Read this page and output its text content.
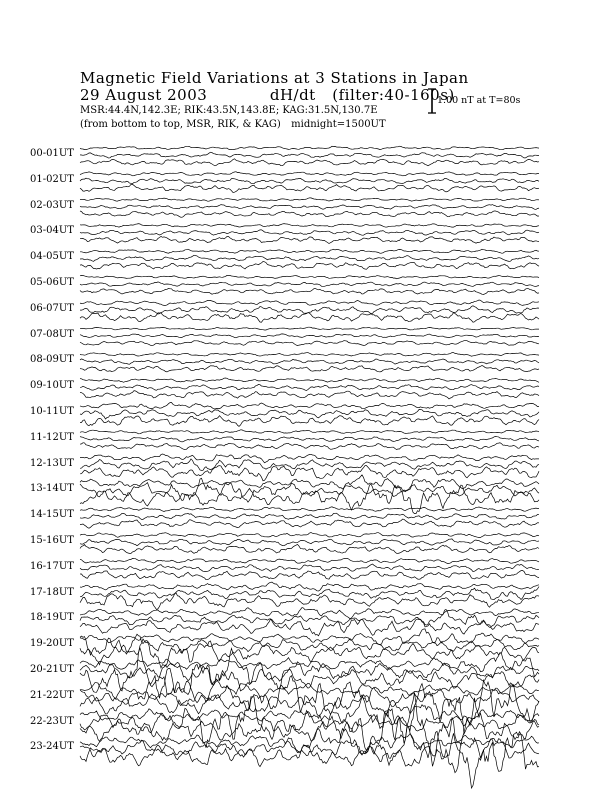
Magnetic Field Variations at 3 Stations in Japan
29 August 2003	dH/dt (filter:40-160s)
MSR:44.4N,142.3E; RIK:43.5N,143.8E; KAG:31.5N,130.7E
(from bottom to top, MSR, RIK, & KAG) midnight=1500UT
1.00 nT at T=80s
00-01UT
01-02UT
02-03UT
03-04UT
04-05UT
05-06UT
06-07UT
07-08UT
08-09UT
09-10UT
10-11UT
11-12UT
12-13UT
13-14UT
14-15UT
15-16UT
16-17UT
17-18UT
18-19UT
19-20UT
20-21UT
21-22UT
22-23UT
23-24UT
